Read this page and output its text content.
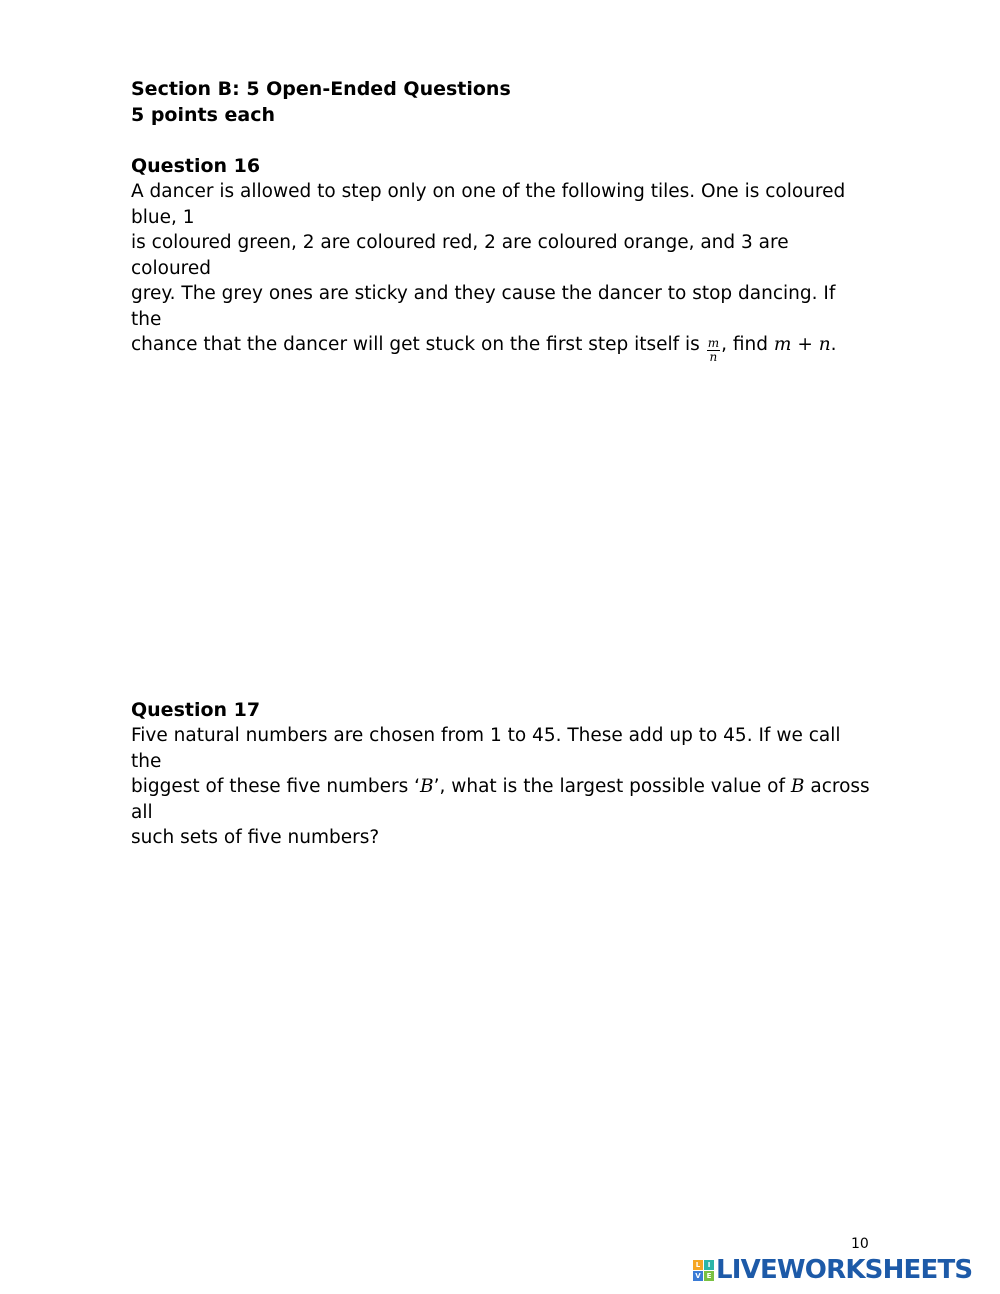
Section B: 5 Open-Ended Questions
5 points each
Question 16
A dancer is allowed to step only on one of the following tiles. One is coloured blue, 1
is coloured green, 2 are coloured red, 2 are coloured orange, and 3 are coloured
grey. The grey ones are sticky and they cause the dancer to stop dancing. If the
chance that the dancer will get stuck on the first step itself is $\frac{m}{n}$ , find m + n.
Question 17
Five natural numbers are chosen from 1 to 45. These add up to 45. If we call the
biggest of these five numbers ‘B’, what is the largest possible value of B across all
such sets of five numbers?
10
L	I
V E LIVEWORKSHEETS
